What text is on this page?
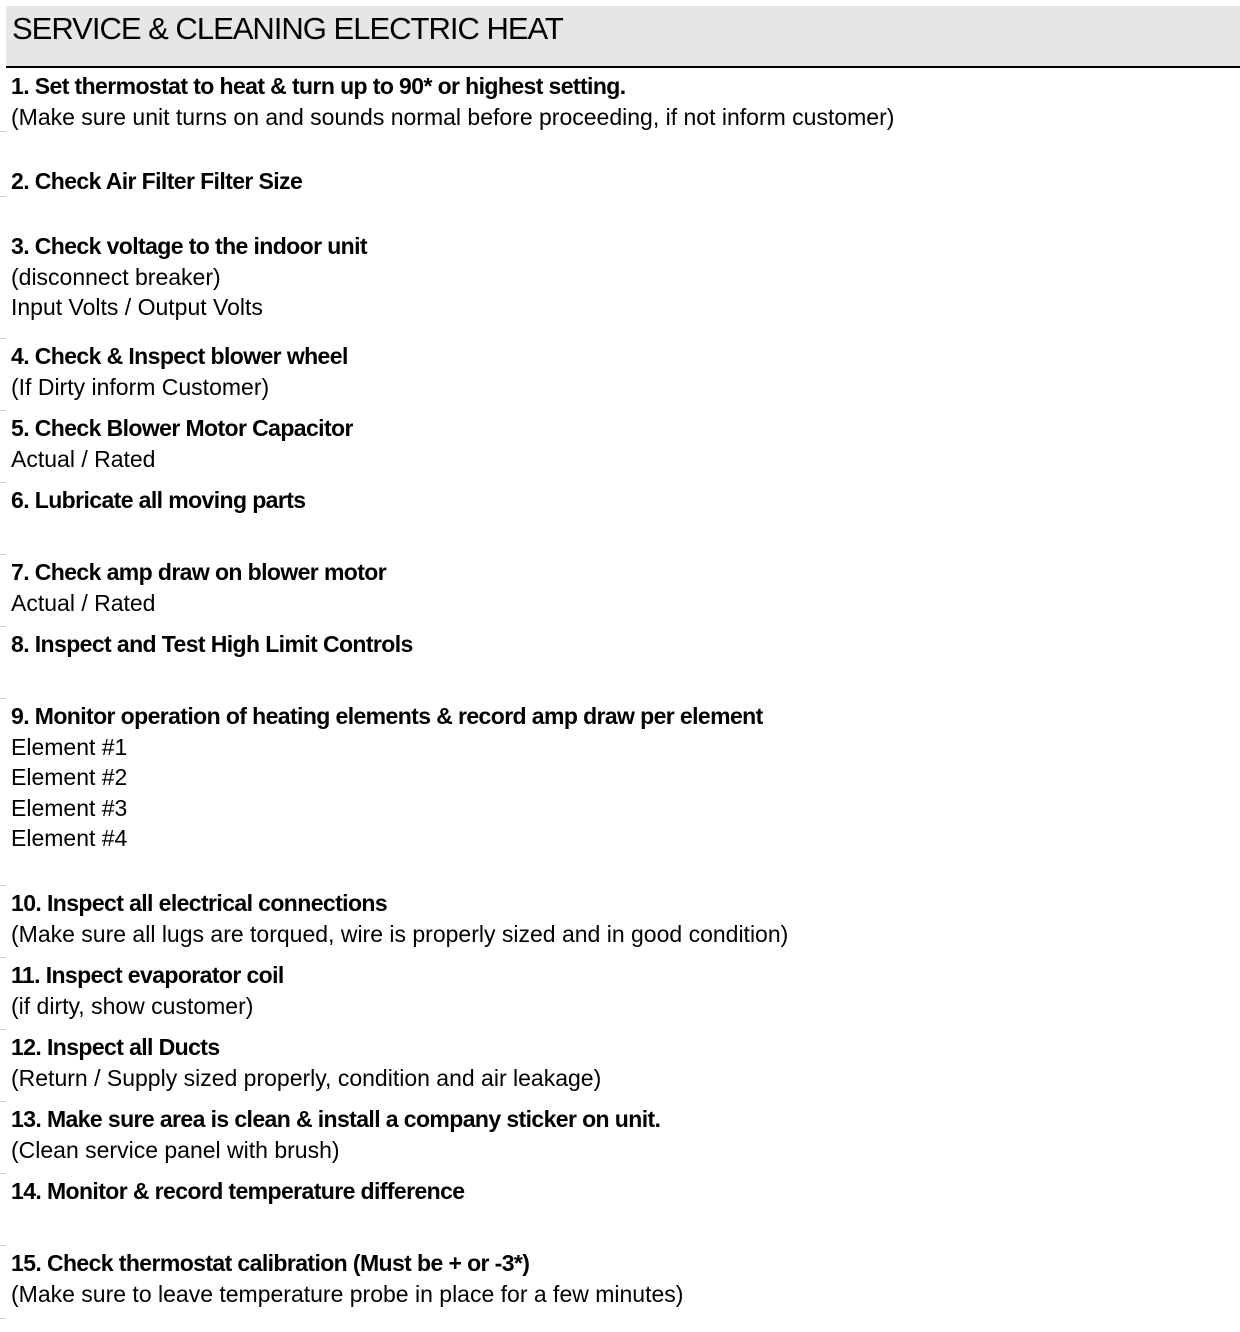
SERVICE & CLEANING ELECTRIC HEAT
1. Set thermostat to heat & turn up to 90* or highest setting.
(Make sure unit turns on and sounds normal before proceeding, if not inform customer)
2. Check Air Filter Filter Size
3. Check voltage to the indoor unit
(disconnect breaker)
Input Volts / Output Volts
4. Check & Inspect blower wheel
(If Dirty inform Customer)
5. Check Blower Motor Capacitor
Actual / Rated
6. Lubricate all moving parts
7. Check amp draw on blower motor
Actual / Rated
8. Inspect and Test High Limit Controls
9. Monitor operation of heating elements & record amp draw per element
Element #1
Element #2
Element #3
Element #4
10. Inspect all electrical connections
(Make sure all lugs are torqued, wire is properly sized and in good condition)
11. Inspect evaporator coil
(if dirty, show customer)
12. Inspect all Ducts
(Return / Supply sized properly, condition and air leakage)
13. Make sure area is clean & install a company sticker on unit.
(Clean service panel with brush)
14. Monitor & record temperature difference
15. Check thermostat calibration (Must be + or -3*)
(Make sure to leave temperature probe in place for a few minutes)
